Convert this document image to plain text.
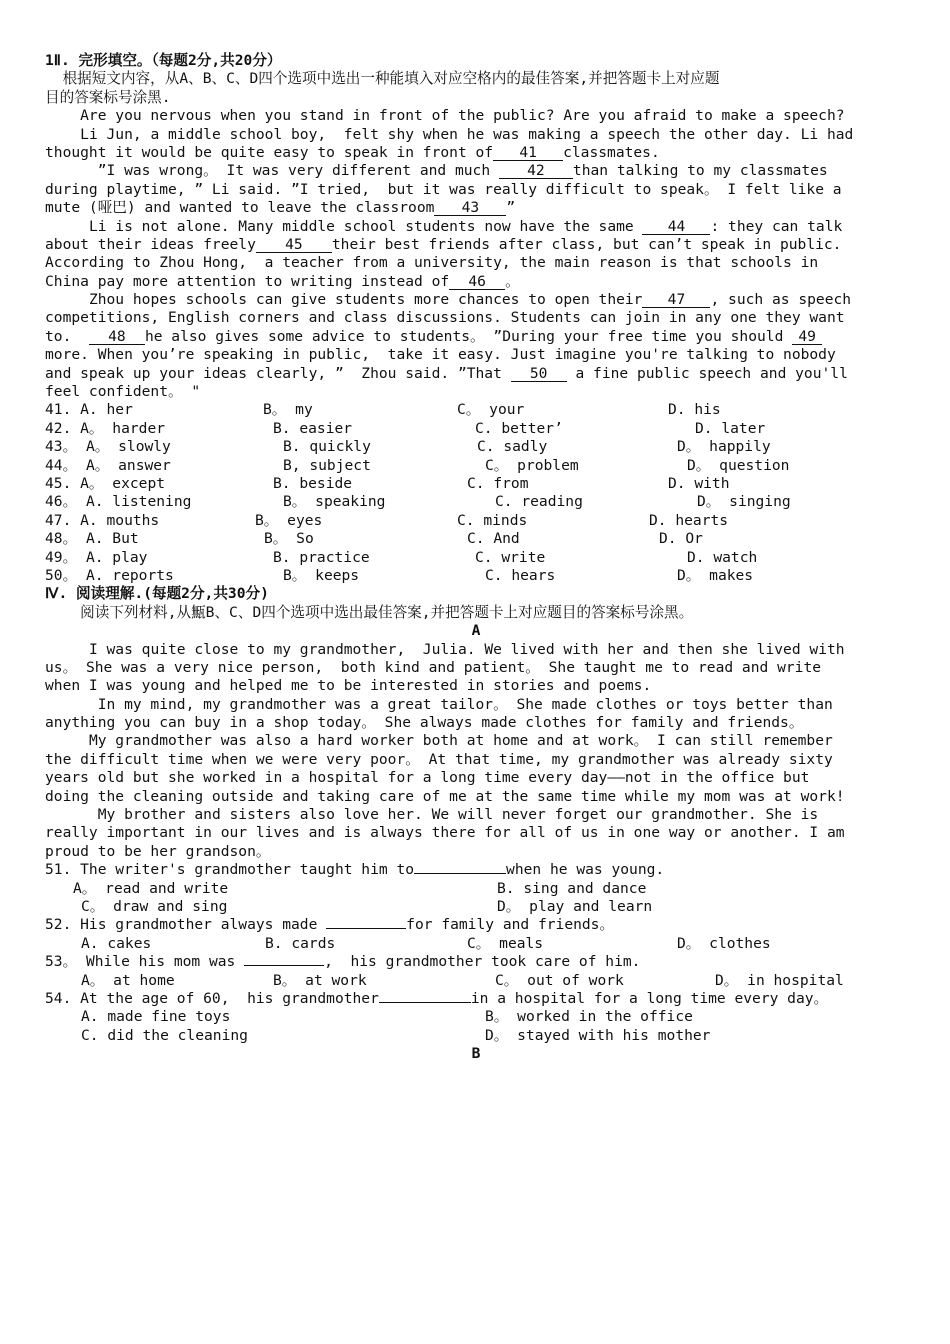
1Ⅱ. 完形填空。（每题2分,共20分）
根据短文内容，从A、B、C、D四个选项中选出一种能填入对应空格内的最佳答案,并把答题卡上对应题
目的答案标号涂黑.
Are you nervous when you stand in front of the public? Are you afraid to make a speech?
Li Jun, a middle school boy,  felt shy when he was making a speech the other day. Li had
thought it would be quite easy to speak in front of 41 classmates.
”I was wrong。 It was very different and much	42 than talking to my classmates
during playtime, ” Li said. ”I tried,  but it was really difficult to speak。 I felt like a
mute (哑巴) and wanted to leave the classroom 43 ”
Li is not alone. Many middle school students now have the same 44 : they can talk
about their ideas freely 45 their best friends after class, but can’t speak in public.
According to Zhou Hong,  a teacher from a university, the main reason is that schools in
China pay more attention to writing instead of 46 。
Zhou hopes schools can give students more chances to open their 47 , such as speech
competitions, English corners and class discussions. Students can join in any one they want
to.	48 he also gives some advice to students。 ”During your free time you should 49
more. When you’re speaking in public,  take it easy. Just imagine you're talking to nobody
and speak up your ideas clearly, ”  Zhou said. ”That 50 a fine public speech and you'll
feel confident。 "
41. A. her	B。 my	C。 your	D. his
42. A。 harder	B. easier	C. better’	D. later
43。 A。 slowly	B. quickly	C. sadly	D。 happily
44。 A。 answer	B, subject	C。 problem	D。 question
45. A。 except	B. beside	C. from	D. with
46。 A. listening	B。 speaking	C. reading	D。 singing
47. A. mouths	B。 eyes	C. minds	D. hearts
48。 A. But	B。 So	C. And	D. Or
49。 A. play	B. practice	C. write	D. watch
50。 A. reports	B。 keeps	C. hears	D。 makes
Ⅳ. 阅读理解.(每题2分,共30分)
阅读下列材料,从甒B、C、D四个选项中选出最佳答案,并把答题卡上对应题目的答案标号涂黑。
A
I was quite close to my grandmother,  Julia. We lived with her and then she lived with
us。 She was a very nice person,  both kind and patient。 She taught me to read and write
when I was young and helped me to be interested in stories and poems.
In my mind, my grandmother was a great tailor。 She made clothes or toys better than
anything you can buy in a shop today。 She always made clothes for family and friends。
My grandmother was also a hard worker both at home and at work。 I can still remember
the difficult time when we were very poor。 At that time, my grandmother was already sixty
years old but she worked in a hospital for a long time every day——not in the office but
doing the cleaning outside and taking care of me at the same time while my mom was at work!
My brother and sisters also love her. We will never forget our grandmother. She is
really important in our lives and is always there for all of us in one way or another. I am
proud to be her grandson。
51. The writer's grandmother taught him to	when he was young.
A。 read and write	B. sing and dance
C。 draw and sing	D。 play and learn
52. His grandmother always made	for family and friends。
A. cakes	B. cards	C。 meals	D。 clothes
53。 While his mom was	,  his grandmother took care of him.
A。 at home	B。 at work	C。 out of work	D。 in hospital
54. At the age of 60,  his grandmother	in a hospital for a long time every day。
A. made fine toys	B。 worked in the office
C. did the cleaning	D。 stayed with his mother
B
